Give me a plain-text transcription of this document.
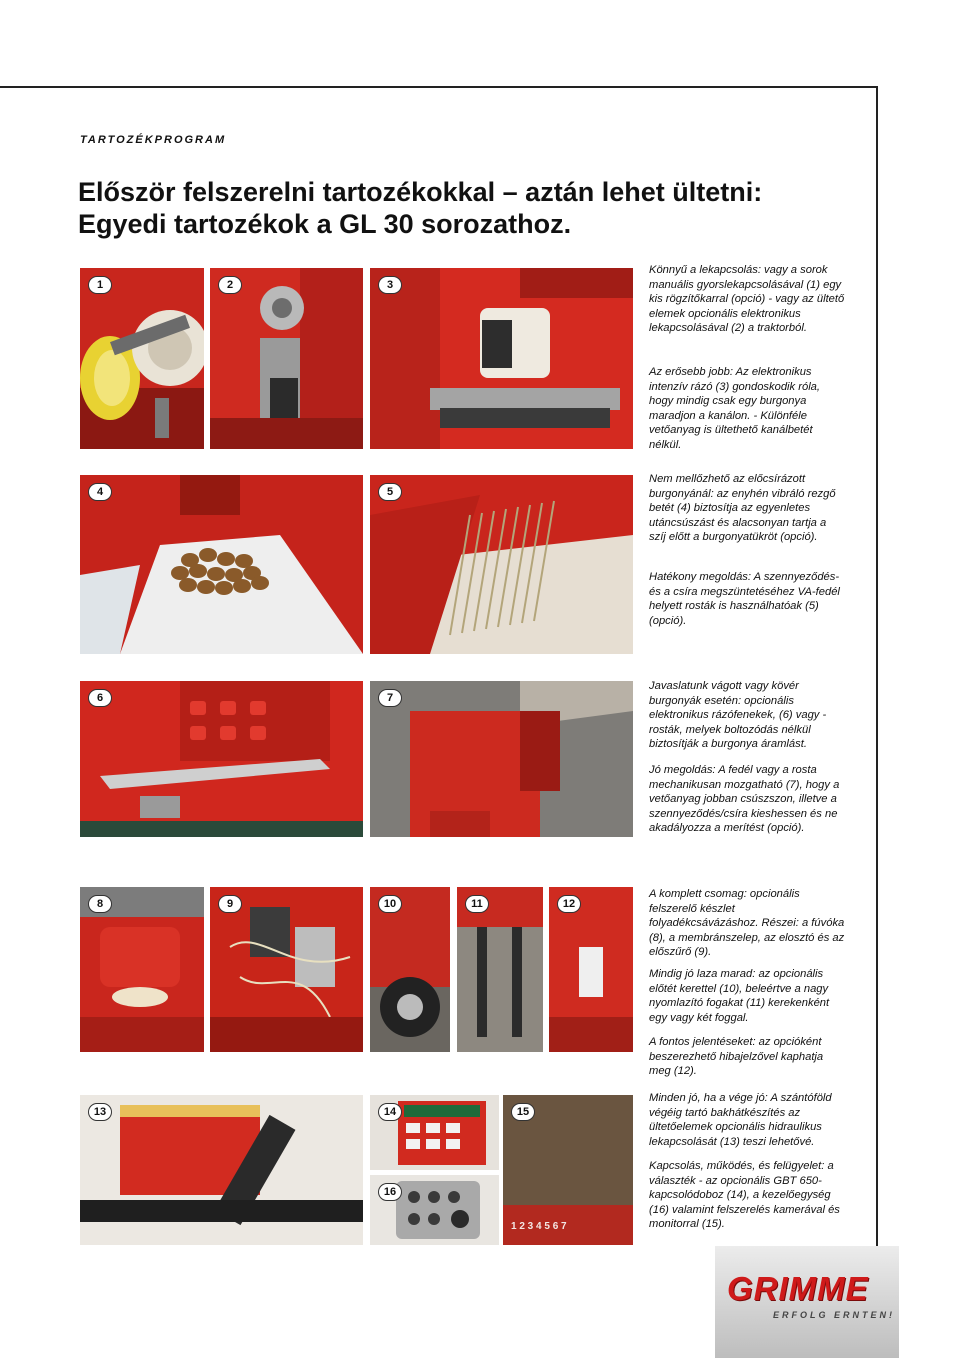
TARTOZÉKPROGRAM
Először felszerelni tartozékokkal – aztán lehet ültetni:
Egyedi tartozékok a GL 30 sorozathoz.
1	2	3
4	5
6	7
8	9	10	11	12
13	14
1 2 3 4 5 6 7
15
16

Könnyű a lekapcsolás: vagy a sorok manuális gyorslekapcsolásával (1) egy kis rögzítőkarral (opció) - vagy az ültető elemek opcionális elektronikus lekapcsolásával (2) a traktorból.

Az erősebb jobb: Az elektronikus intenzív rázó (3) gondoskodik róla, hogy mindig csak egy burgonya maradjon a kanálon. - Különféle vetőanyag is ültethető kanálbetét nélkül.

Nem mellőzhető az előcsírázott burgonyánál: az enyhén vibráló rezgő betét (4) biztosítja az egyenletes utáncsúszást és alacsonyan tartja a szíj előtt a burgonyatükröt (opció).

Hatékony megoldás: A szennyeződés- és a csíra megszüntetéséhez VA-fedél helyett rosták is használhatóak (5) (opció).

Javaslatunk vágott vagy kövér burgonyák esetén: opcionális elektronikus rázófenekek, (6) vagy -rosták, melyek boltozódás nélkül biztosítják a burgonya áramlást.

Jó megoldás: A fedél vagy a rosta mechanikusan mozgatható (7), hogy a vetőanyag jobban csúszszon, illetve a szennyeződés/csíra kieshessen és ne akadályozza a merítést (opció).

A komplett csomag: opcionális felszerelő készlet folyadékcsávázáshoz. Részei: a fúvóka (8), a membránszelep, az elosztó és az előszűrő (9).

Mindig jó laza marad: az opcionális előtét kerettel (10), beleértve a nagy nyomlazító fogakat (11) kerekenként egy vagy két foggal.

A fontos jelentéseket: az opcióként beszerezhető hibajelzővel kaphatja meg (12).

Minden jó, ha a vége jó: A szántóföld végéig tartó bakhátkészítés az ültetőelemek opcionális hidraulikus lekapcsolását (13) teszi lehetővé.

Kapcsolás, működés, és felügyelet: a választék - az opcionális GBT 650- kapcsolódoboz (14), a kezelőegység (16) valamint felszerelés kamerával és monitorral (15).

GRIMME
ERFOLG ERNTEN!
